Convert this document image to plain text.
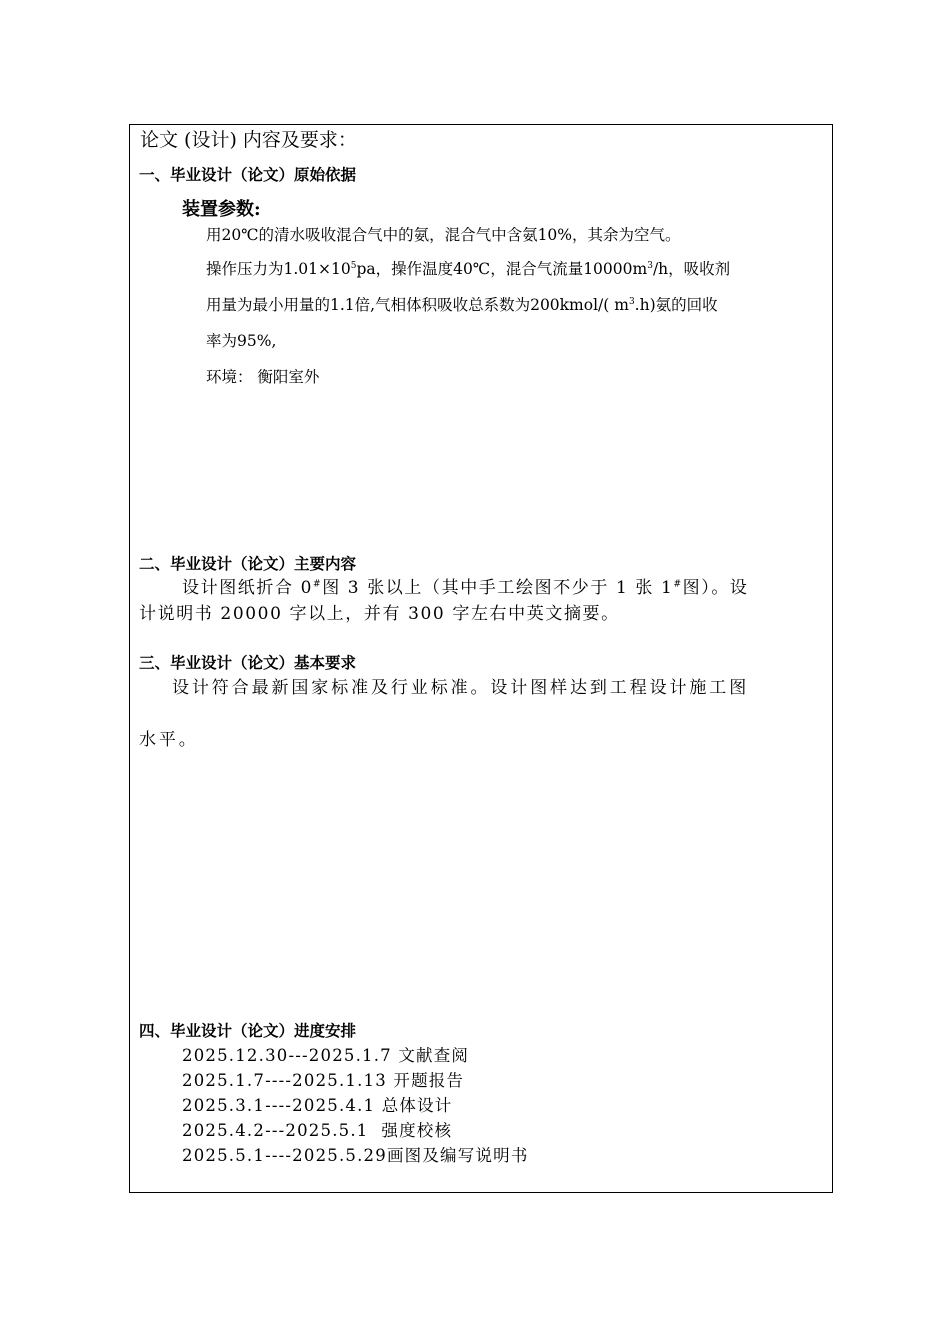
论文 (设计) 内容及要求：
一、毕业设计（论文）原始依据
装置参数:
用20℃的清水吸收混合气中的氨，混合气中含氨10%，其余为空气。
操作压力为$1.01\times 10^5pa$，操作温度40℃，混合气流量$10000m^3/h$，吸收剂
用量为最小用量的1.1倍,气相体积吸收总系数为200kmol/( $m^3.h$)氨的回收
率为95%,
环境： 衡阳室外
二、毕业设计（论文）主要内容
设计图纸折合 0#图 3 张以上（其中手工绘图不少于 1 张 1#图）。设
计说明书 20000 字以上，并有 300 字左右中英文摘要。
三、毕业设计（论文）基本要求
设计符合最新国家标准及行业标准。设计图样达到工程设计施工图
水平。
四、毕业设计（论文）进度安排
2025.12.30---2025.1.7 文献查阅
2025.1.7----2025.1.13 开题报告
2025.3.1----2025.4.1 总体设计
2025.4.2---2025.5.1  强度校核
2025.5.1----2025.5.29画图及编写说明书
